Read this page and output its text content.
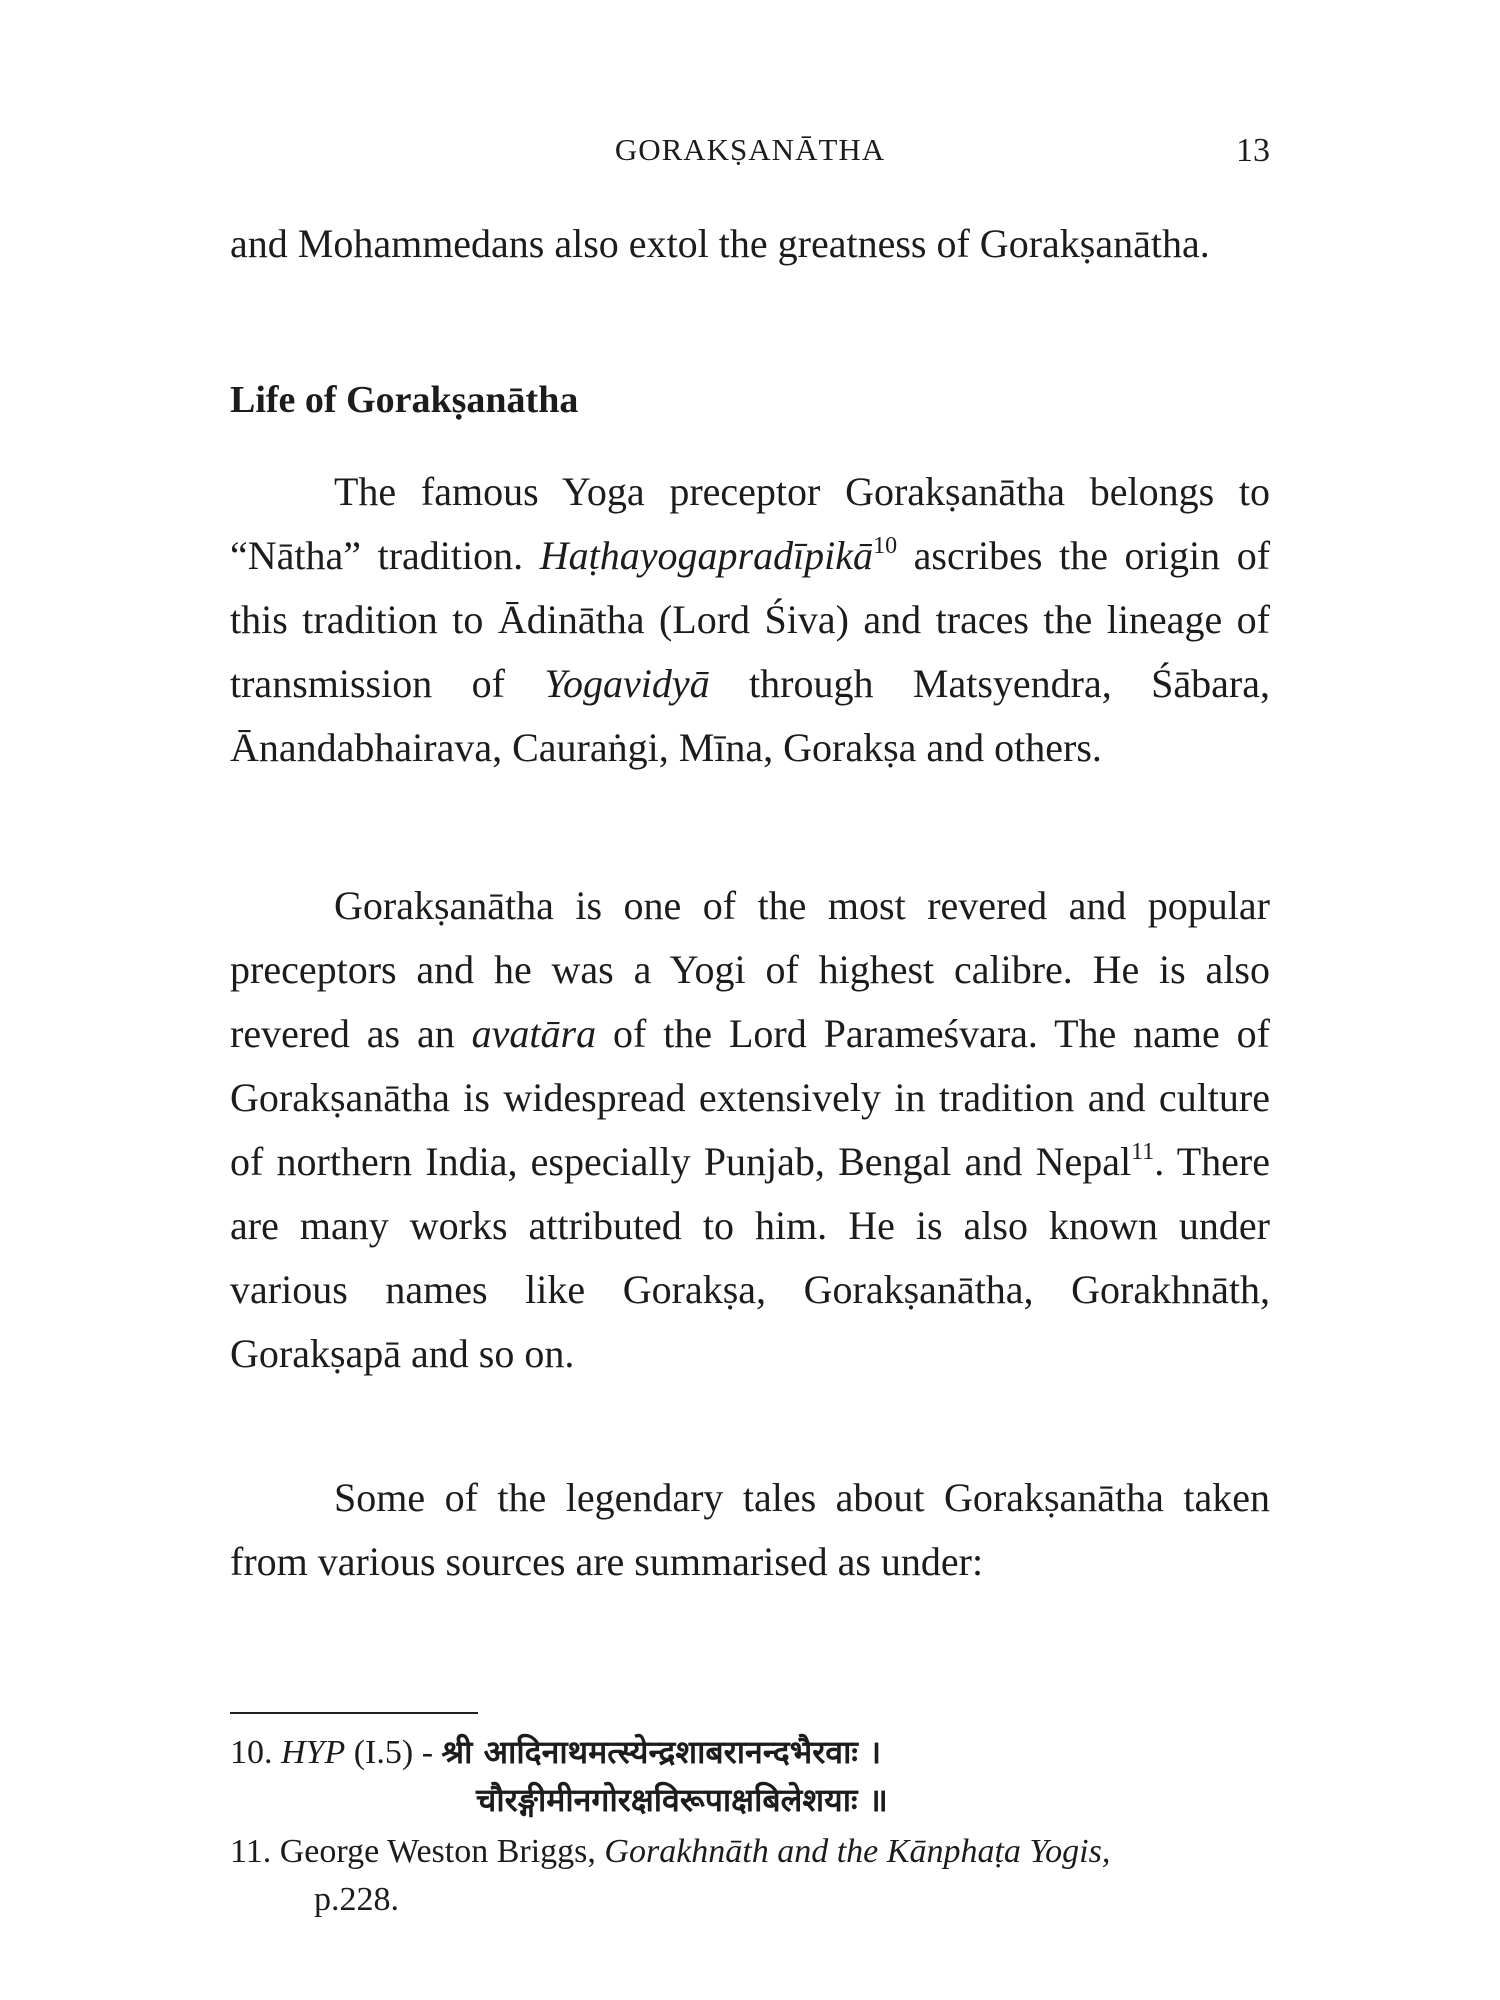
GORAKṢANĀTHA	13

and Mohammedans also extol the greatness of Gorakṣanātha.

Life of Gorakṣanātha

The famous Yoga preceptor Gorakṣanātha belongs to “Nātha” tradition. Haṭhayogapradīpikā$^{10}$ ascribes the origin of this tradition to Ādinātha (Lord Śiva) and traces the lineage of transmission of Yogavidyā through Matsyendra, Śābara, Ānandabhairava, Cauraṅgi, Mīna, Gorakṣa and others.

Gorakṣanātha is one of the most revered and popular preceptors and he was a Yogi of highest calibre. He is also revered as an avatāra of the Lord Parameśvara. The name of Gorakṣanātha is widespread extensively in tradition and culture of northern India, especially Punjab, Bengal and Nepal$^{11}$. There are many works attributed to him. He is also known under various names like Gorakṣa, Gorakṣanātha, Gorakhnāth, Gorakṣapā and so on.

Some of the legendary tales about Gorakṣanātha taken from various sources are summarised as under:

10. HYP (I.5) - श्री आदिनाथमत्स्येन्द्रशाबरानन्दभैरवाः ।
चौरङ्गीमीनगोरक्षविरूपाक्षबिलेशयाः ॥
11. George Weston Briggs, Gorakhnāth and the Kānphaṭa Yogis,
p.228.
